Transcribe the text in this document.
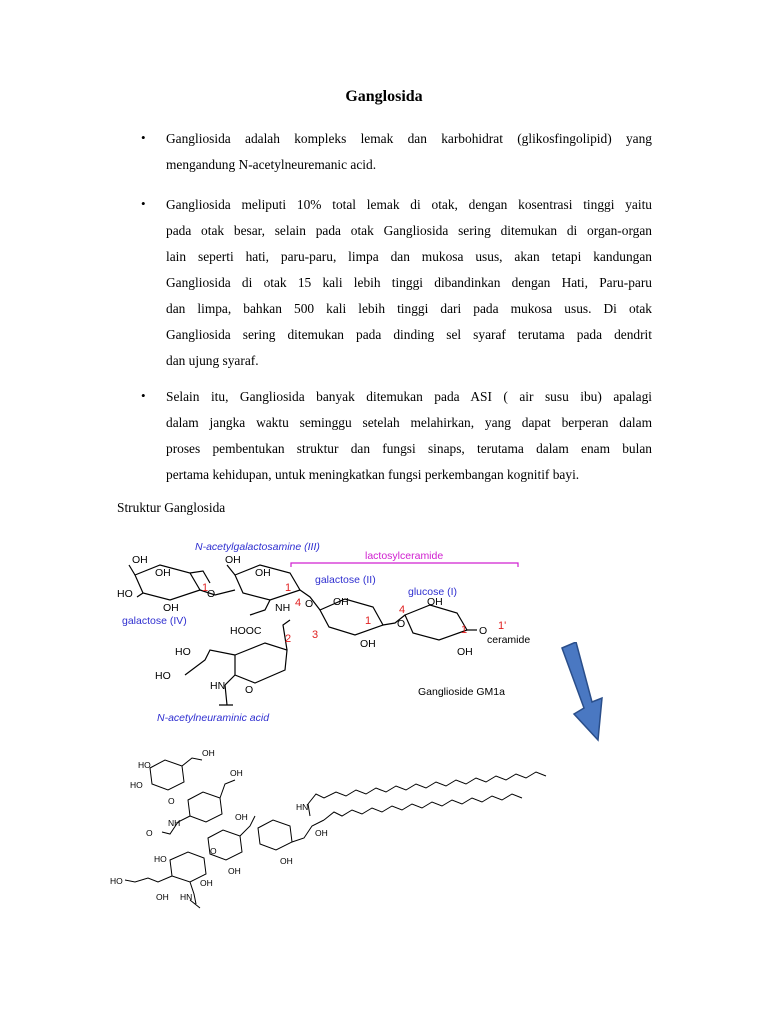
Ganglosida
• Gangliosida adalah kompleks lemak dan karbohidrat (glikosfingolipid) yang
mengandung N-acetylneuremanic acid.
• Gangliosida meliputi 10% total lemak di otak, dengan kosentrasi tinggi yaitu
pada otak besar, selain pada otak Gangliosida sering ditemukan di organ-organ
lain seperti hati, paru-paru, limpa dan mukosa usus, akan tetapi kandungan
Gangliosida di otak 15 kali lebih tinggi dibandinkan dengan Hati, Paru-paru
dan limpa, bahkan 500 kali lebih tinggi dari pada mukosa usus. Di otak
Gangliosida sering ditemukan pada dinding sel syaraf terutama pada dendrit
dan ujung syaraf.
• Selain itu, Gangliosida banyak ditemukan pada ASI ( air susu ibu) apalagi
dalam jangka waktu seminggu setelah melahirkan, yang dapat berperan dalam
proses pembentukan struktur dan fungsi sinaps, terutama dalam enam bulan
pertama kehidupan, untuk meningkatkan fungsi perkembangan kognitif bayi.
Struktur Ganglosida
OH
HO
OH
OH
O
OH
OH
NH O
HOOC
OH
OH
OH
OH
O
O
ceramide
HO
HO
HN O	Ganglioside GM1a
N-acetylgalactosamine (III)
galactose (II)
glucose (I)
galactose (IV)
N-acetylneuraminic acid
lactosylceramide
1	1
4
1
4
1
2 3
1'
HO
HO
OH
OH
O
O
NH
OH
OH
OH
HN
OH
HO
HO
OH
OH
HN
O
